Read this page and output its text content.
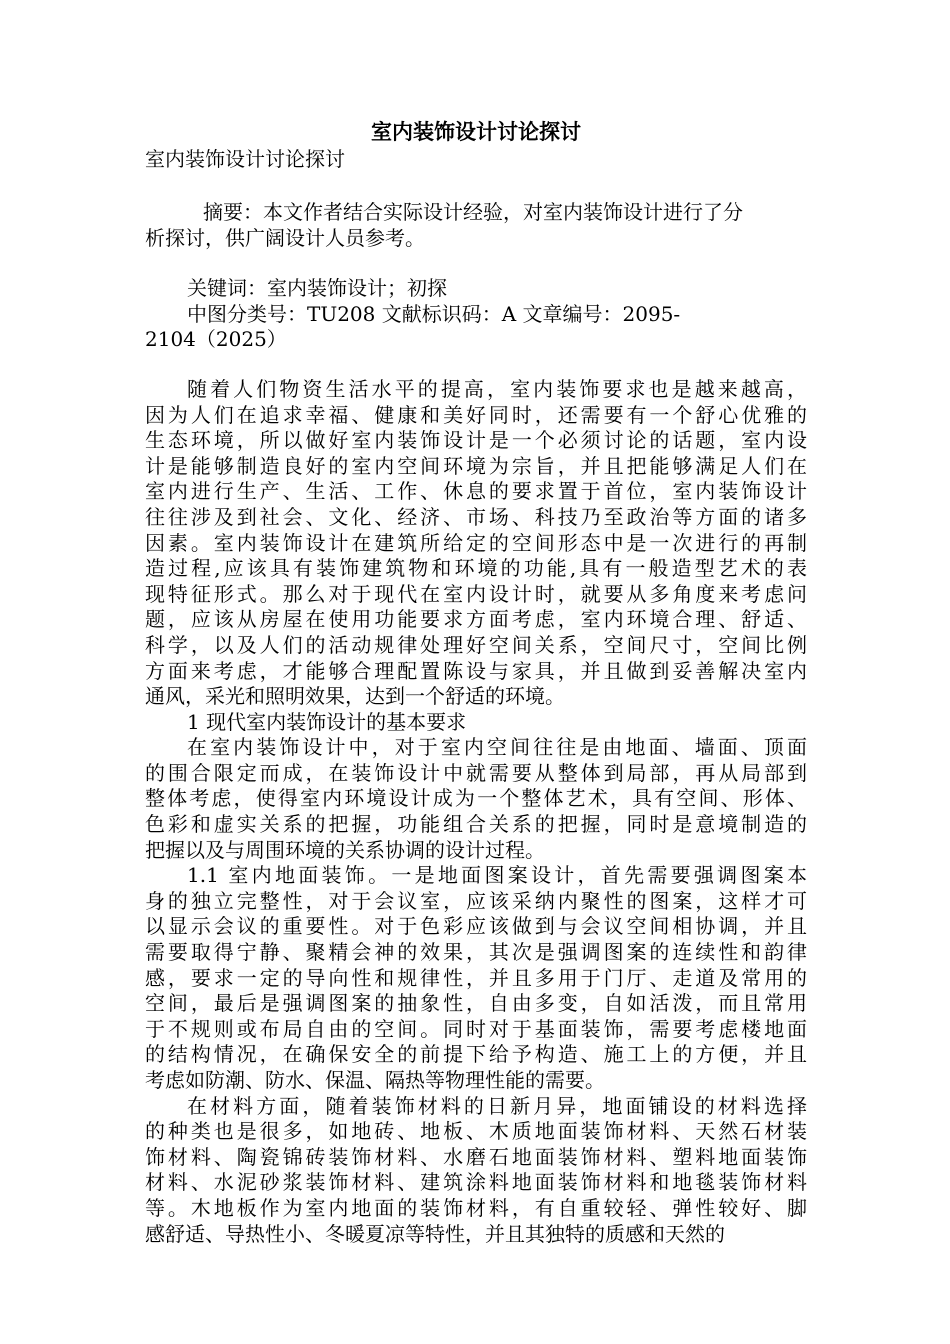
室内装饰设计讨论探讨

室内装饰设计讨论探讨

摘要：本文作者结合实际设计经验，对室内装饰设计进行了分

析探讨，供广阔设计人员参考。

关键词：室内装饰设计；初探

中图分类号：TU208 文献标识码：A 文章编号：2095-

2104（2025）

随着人们物资生活水平的提高，室内装饰要求也是越来越高，
因为人们在追求幸福、健康和美好同时，还需要有一个舒心优雅的
生态环境，所以做好室内装饰设计是一个必须讨论的话题，室内设
计是能够制造良好的室内空间环境为宗旨，并且把能够满足人们在
室内进行生产、生活、工作、休息的要求置于首位，室内装饰设计
往往涉及到社会、文化、经济、市场、科技乃至政治等方面的诸多
因素。室内装饰设计在建筑所给定的空间形态中是一次进行的再制
造过程,应该具有装饰建筑物和环境的功能,具有一般造型艺术的表
现特征形式。那么对于现代在室内设计时，就要从多角度来考虑问
题，应该从房屋在使用功能要求方面考虑，室内环境合理、舒适、
科学，以及人们的活动规律处理好空间关系，空间尺寸，空间比例
方面来考虑，才能够合理配置陈设与家具，并且做到妥善解决室内
通风，采光和照明效果，达到一个舒适的环境。

1 现代室内装饰设计的基本要求

在室内装饰设计中，对于室内空间往往是由地面、墙面、顶面
的围合限定而成，在装饰设计中就需要从整体到局部，再从局部到
整体考虑，使得室内环境设计成为一个整体艺术，具有空间、形体、
色彩和虚实关系的把握，功能组合关系的把握，同时是意境制造的
把握以及与周围环境的关系协调的设计过程。

1.1 室内地面装饰。一是地面图案设计，首先需要强调图案本
身的独立完整性，对于会议室，应该采纳内聚性的图案，这样才可
以显示会议的重要性。对于色彩应该做到与会议空间相协调，并且
需要取得宁静、聚精会神的效果，其次是强调图案的连续性和韵律
感，要求一定的导向性和规律性，并且多用于门厅、走道及常用的
空间，最后是强调图案的抽象性，自由多变，自如活泼，而且常用
于不规则或布局自由的空间。同时对于基面装饰，需要考虑楼地面
的结构情况，在确保安全的前提下给予构造、施工上的方便，并且
考虑如防潮、防水、保温、隔热等物理性能的需要。

在材料方面，随着装饰材料的日新月异，地面铺设的材料选择
的种类也是很多，如地砖、地板、木质地面装饰材料、天然石材装
饰材料、陶瓷锦砖装饰材料、水磨石地面装饰材料、塑料地面装饰
材料、水泥砂浆装饰材料、建筑涂料地面装饰材料和地毯装饰材料
等。木地板作为室内地面的装饰材料，有自重较轻、弹性较好、脚
感舒适、导热性小、冬暖夏凉等特性，并且其独特的质感和天然的
